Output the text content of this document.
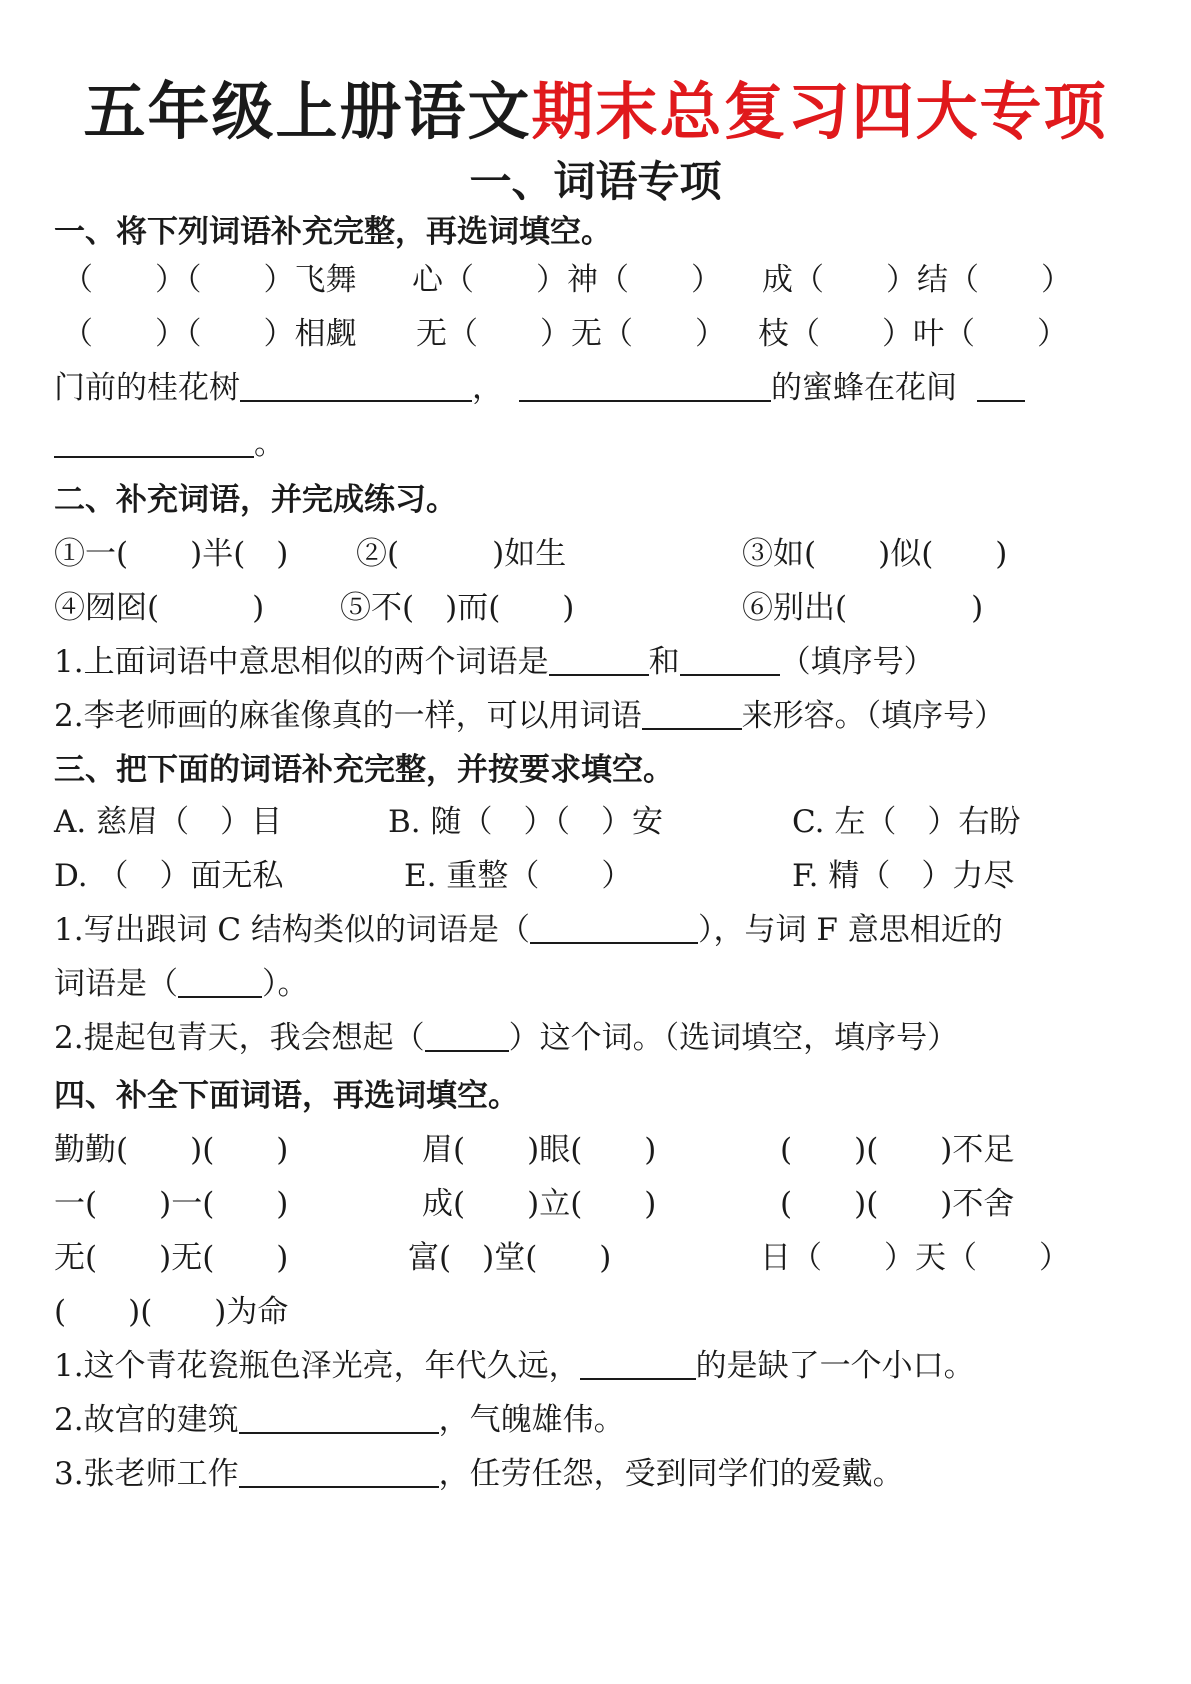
五年级上册语文期末总复习四大专项
一、词语专项
一、将下列词语补充完整，再选词填空。
（　　）（　　）飞舞 心（　　）神（　　） 成（　　）结（　　）
（　　）（　　）相觑 无（　　）无（　　） 枝（　　）叶（　　）
门前的桂花树	，	的蜜蜂在花间
。
二、补充词语，并完成练习。
①一(　　)半(　) ②(　　　)如生	③如(　　)似(　　)
④囫囵(　　　) ⑤不(　)而(　　)	⑥别出(　　　　)
1.上面词语中意思相似的两个词语是	和	（填序号）
2.李老师画的麻雀像真的一样，可以用词语	来形容。（填序号）
三、把下面的词语补充完整，并按要求填空。
A. 慈眉（　）目	B. 随（　）（　）安	C. 左（　）右盼
D. （　）面无私	E. 重整（　　）	F. 精（　）力尽
1.写出跟词 C 结构类似的词语是（	），与词 F 意思相近的
词语是（	）。
2.提起包青天，我会想起（	）这个词。（选词填空，填序号）
四、补全下面词语，再选词填空。
勤勤(　　)(　　)	眉(　　)眼(　　)	(　　)(　　)不足
一(　　)一(　　)	成(　　)立(　　)	(　　)(　　)不舍
无(　　)无(　　)	富(　)堂(　　)	日（　　）天（　　）
(　　)(　　)为命
1.这个青花瓷瓶色泽光亮，年代久远，	的是缺了一个小口。
2.故宫的建筑	，气魄雄伟。
3.张老师工作	，任劳任怨，受到同学们的爱戴。
